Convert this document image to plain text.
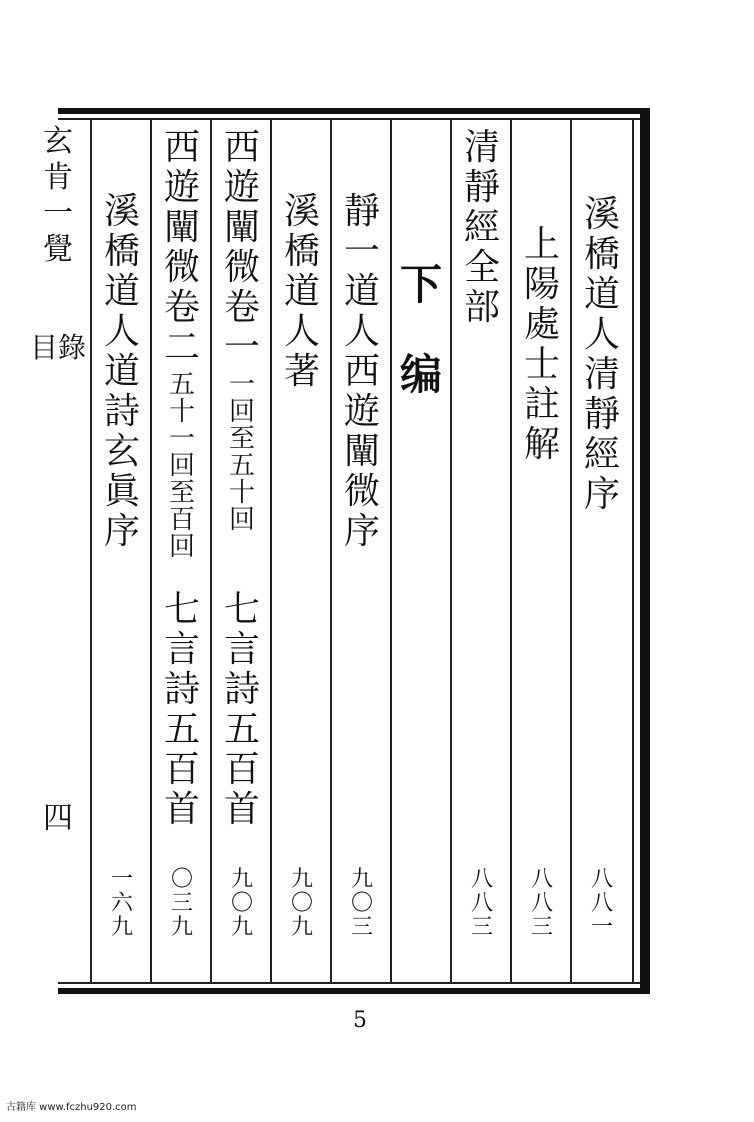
玄肯一覺
目錄
四
溪橋道人清靜經序
八八一
上陽處士註解
八八三
清靜經全部
八八三
下编
靜一道人西遊闡微序
九〇三
溪橋道人著
九〇九
西遊闡微卷一
一回至五十回
七言詩五百首
九〇九
西遊闡微卷二
五十一回至百回
七言詩五百首
〇三九
溪橋道人道詩玄眞序
一六九
5
古籍库 www.fczhu920.com
